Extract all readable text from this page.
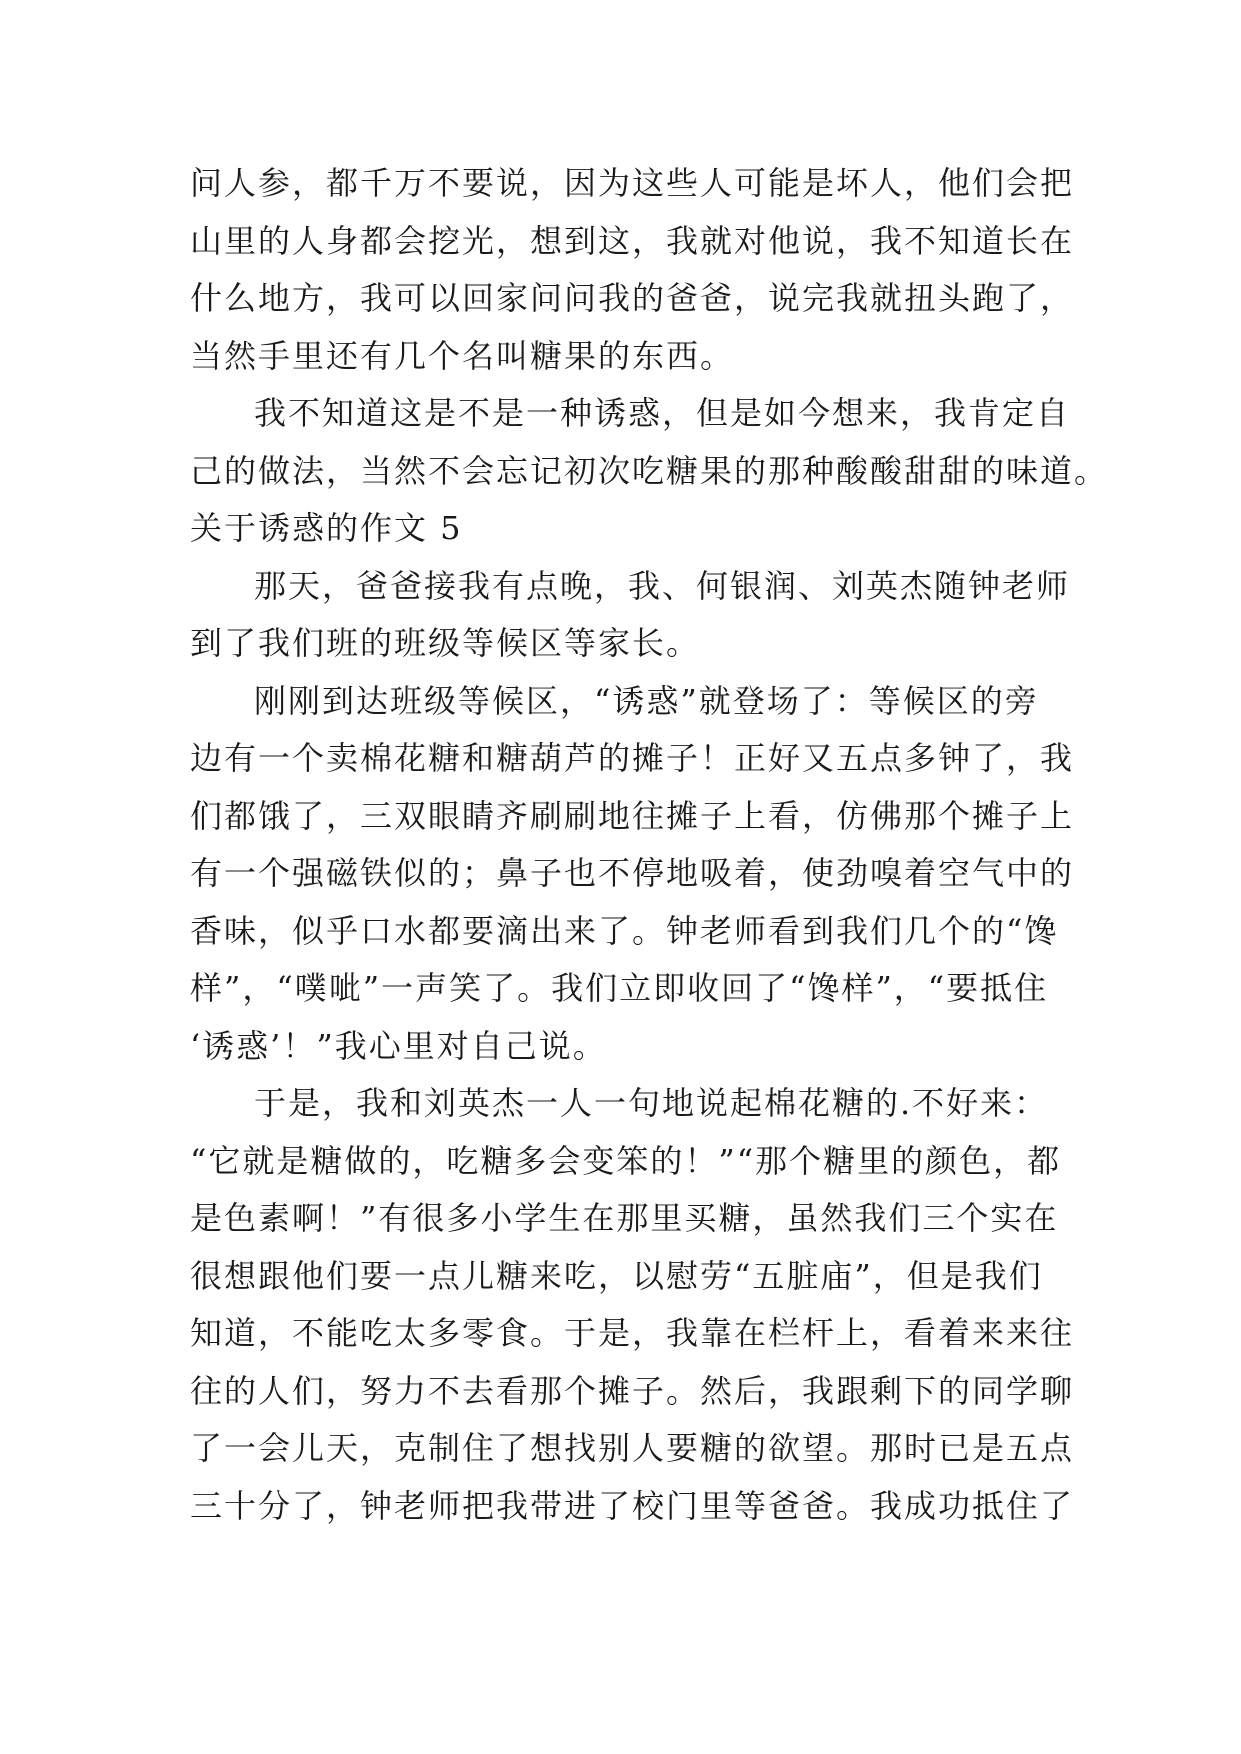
问人参，都千万不要说，因为这些人可能是坏人，他们会把
山里的人身都会挖光，想到这，我就对他说，我不知道长在
什么地方，我可以回家问问我的爸爸，说完我就扭头跑了，
当然手里还有几个名叫糖果的东西。
我不知道这是不是一种诱惑，但是如今想来，我肯定自
己的做法，当然不会忘记初次吃糖果的那种酸酸甜甜的味道。
关于诱惑的作文 5
那天，爸爸接我有点晚，我、何银润、刘英杰随钟老师
到了我们班的班级等候区等家长。
刚刚到达班级等候区，“诱惑”就登场了：等候区的旁
边有一个卖棉花糖和糖葫芦的摊子！正好又五点多钟了，我
们都饿了，三双眼睛齐刷刷地往摊子上看，仿佛那个摊子上
有一个强磁铁似的；鼻子也不停地吸着，使劲嗅着空气中的
香味，似乎口水都要滴出来了。钟老师看到我们几个的“馋
样”，“噗呲”一声笑了。我们立即收回了“馋样”，“要抵住
‘诱惑’！”我心里对自己说。
于是，我和刘英杰一人一句地说起棉花糖的.不好来：
“它就是糖做的，吃糖多会变笨的！”“那个糖里的颜色，都
是色素啊！”有很多小学生在那里买糖，虽然我们三个实在
很想跟他们要一点儿糖来吃，以慰劳“五脏庙”，但是我们
知道，不能吃太多零食。于是，我靠在栏杆上，看着来来往
往的人们，努力不去看那个摊子。然后，我跟剩下的同学聊
了一会儿天，克制住了想找别人要糖的欲望。那时已是五点
三十分了，钟老师把我带进了校门里等爸爸。我成功抵住了
